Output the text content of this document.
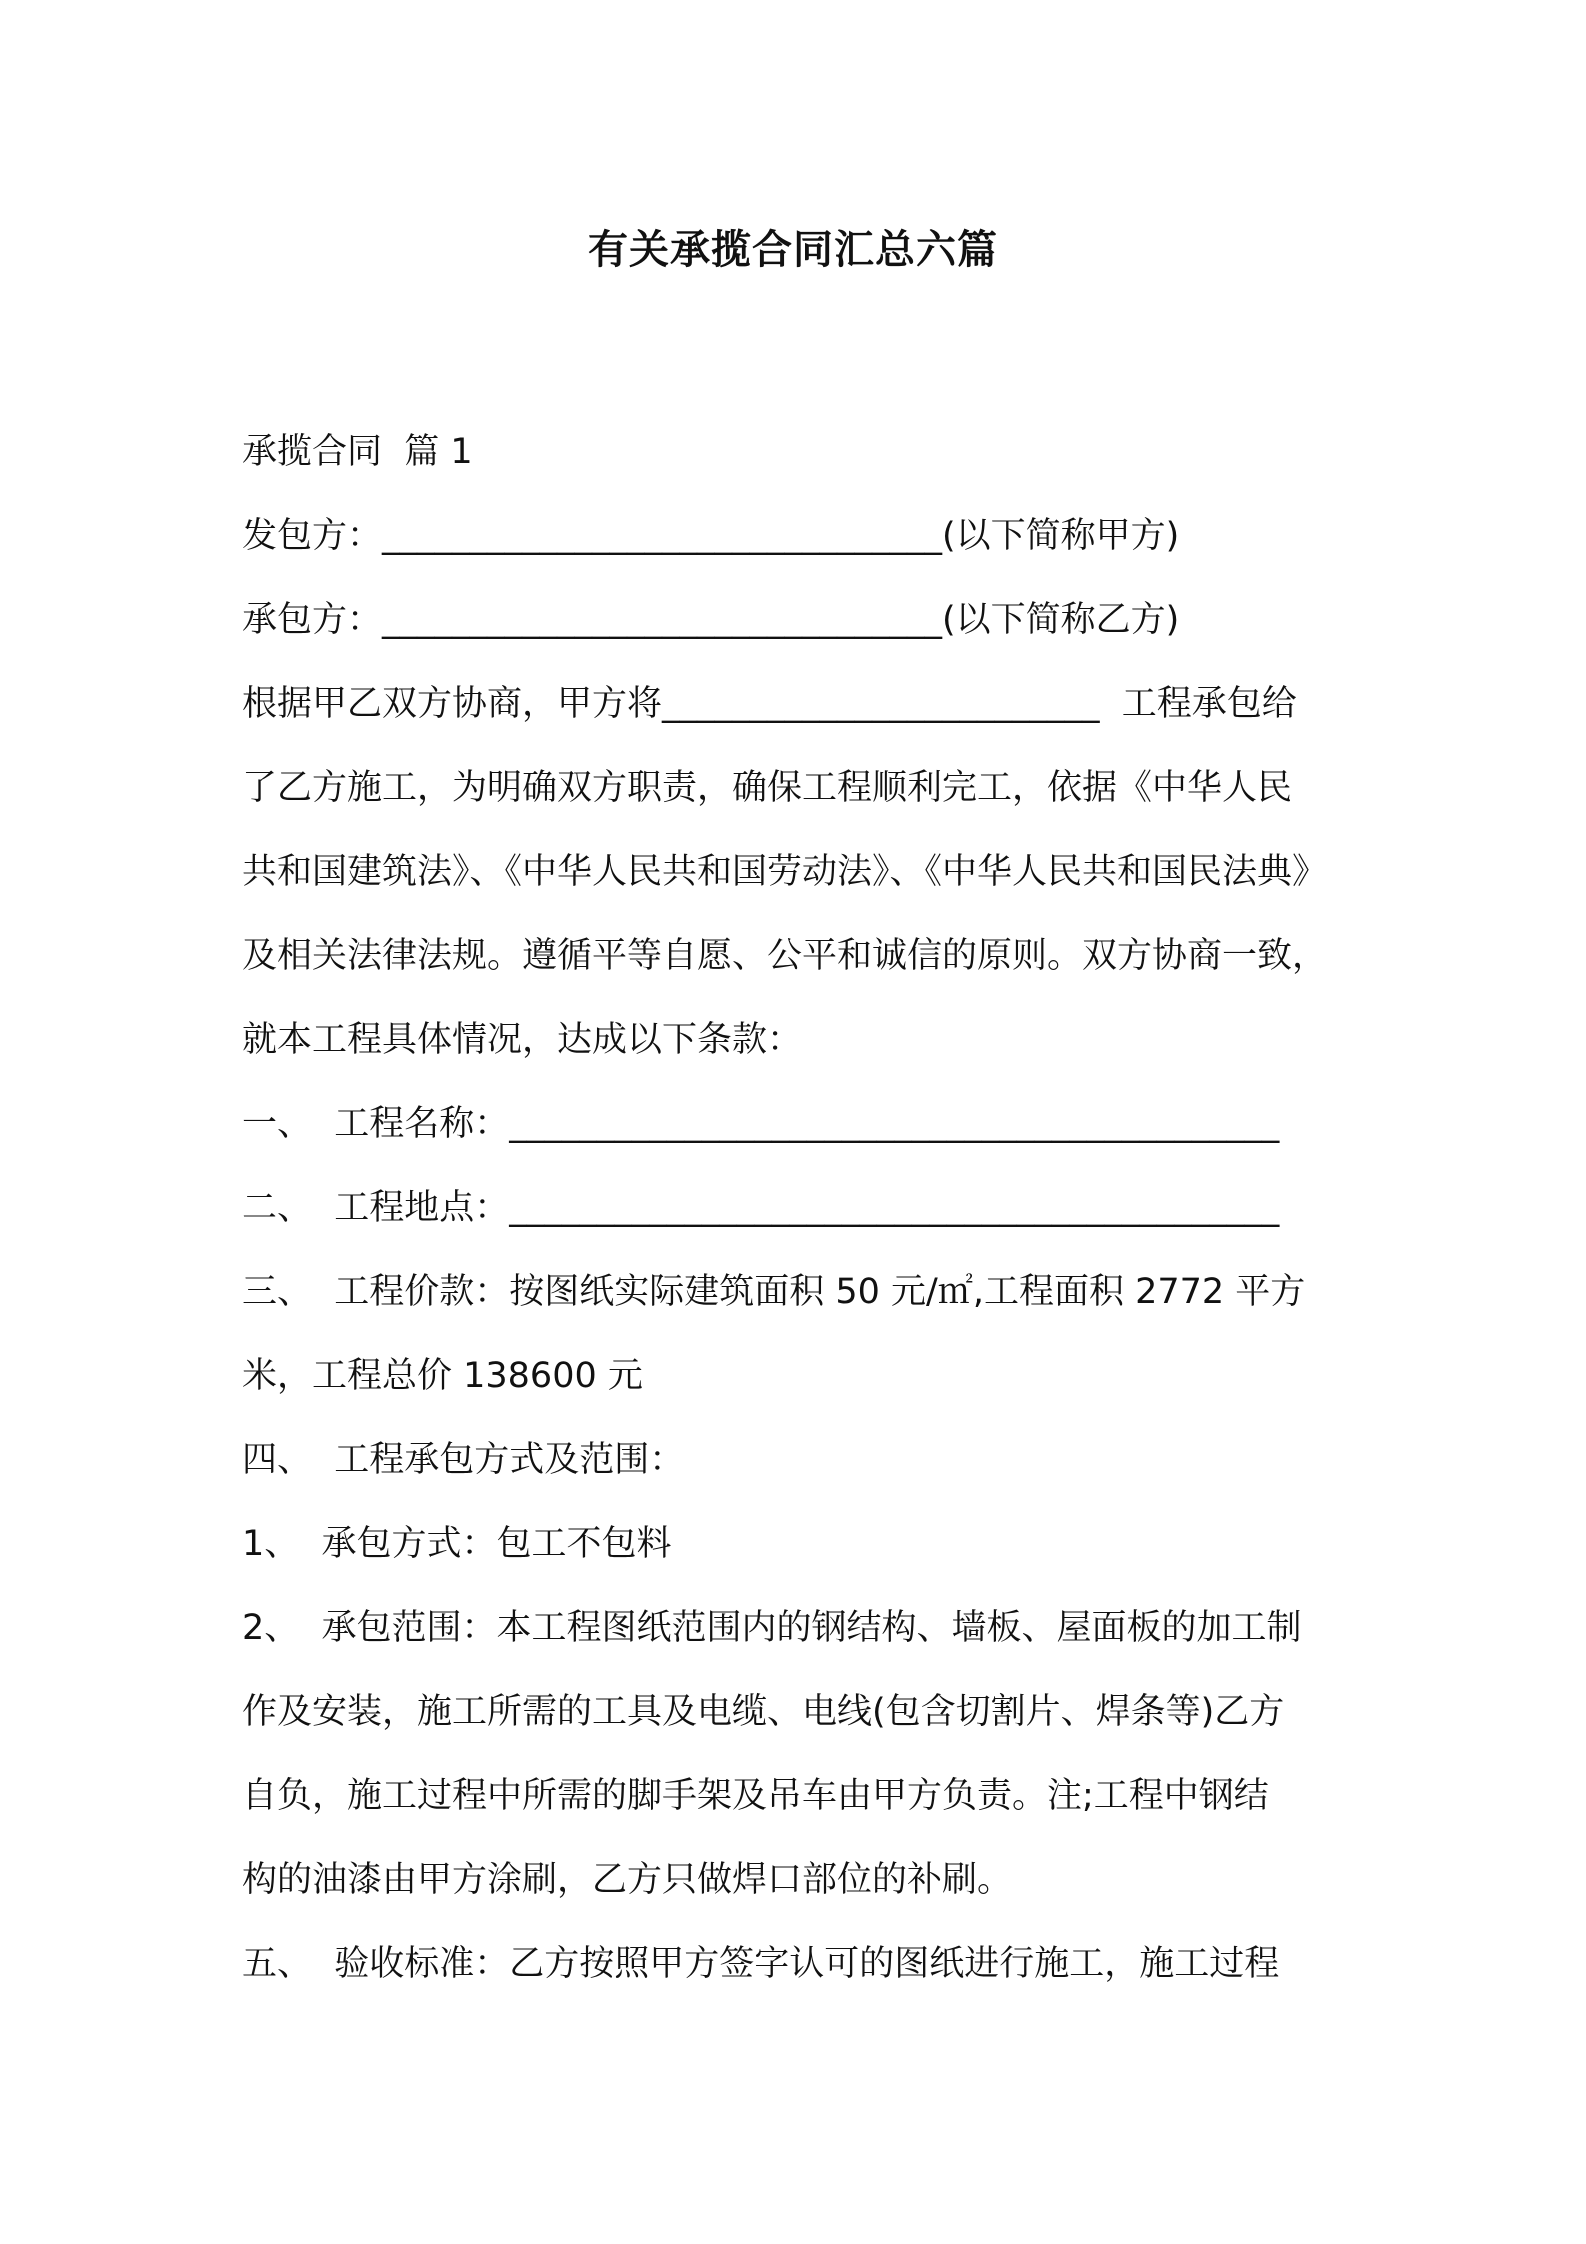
有关承揽合同汇总六篇
承揽合同  篇 1
发包方：________________________________(以下简称甲方)
承包方：________________________________(以下简称乙方)
根据甲乙双方协商，甲方将_________________________  工程承包给
了乙方施工，为明确双方职责，确保工程顺利完工，依据《中华人民
共和国建筑法》、《中华人民共和国劳动法》、《中华人民共和国民法典》
及相关法律法规。遵循平等自愿、公平和诚信的原则。双方协商一致，
就本工程具体情况，达成以下条款：
一、  工程名称：____________________________________________
二、  工程地点：____________________________________________
三、  工程价款：按图纸实际建筑面积 50 元/㎡,工程面积 2772 平方
米，工程总价 138600 元
四、  工程承包方式及范围：
1、  承包方式：包工不包料
2、  承包范围：本工程图纸范围内的钢结构、墙板、屋面板的加工制
作及安装，施工所需的工具及电缆、电线(包含切割片、焊条等)乙方
自负，施工过程中所需的脚手架及吊车由甲方负责。注;工程中钢结
构的油漆由甲方涂刷，乙方只做焊口部位的补刷。
五、  验收标准：乙方按照甲方签字认可的图纸进行施工，施工过程
